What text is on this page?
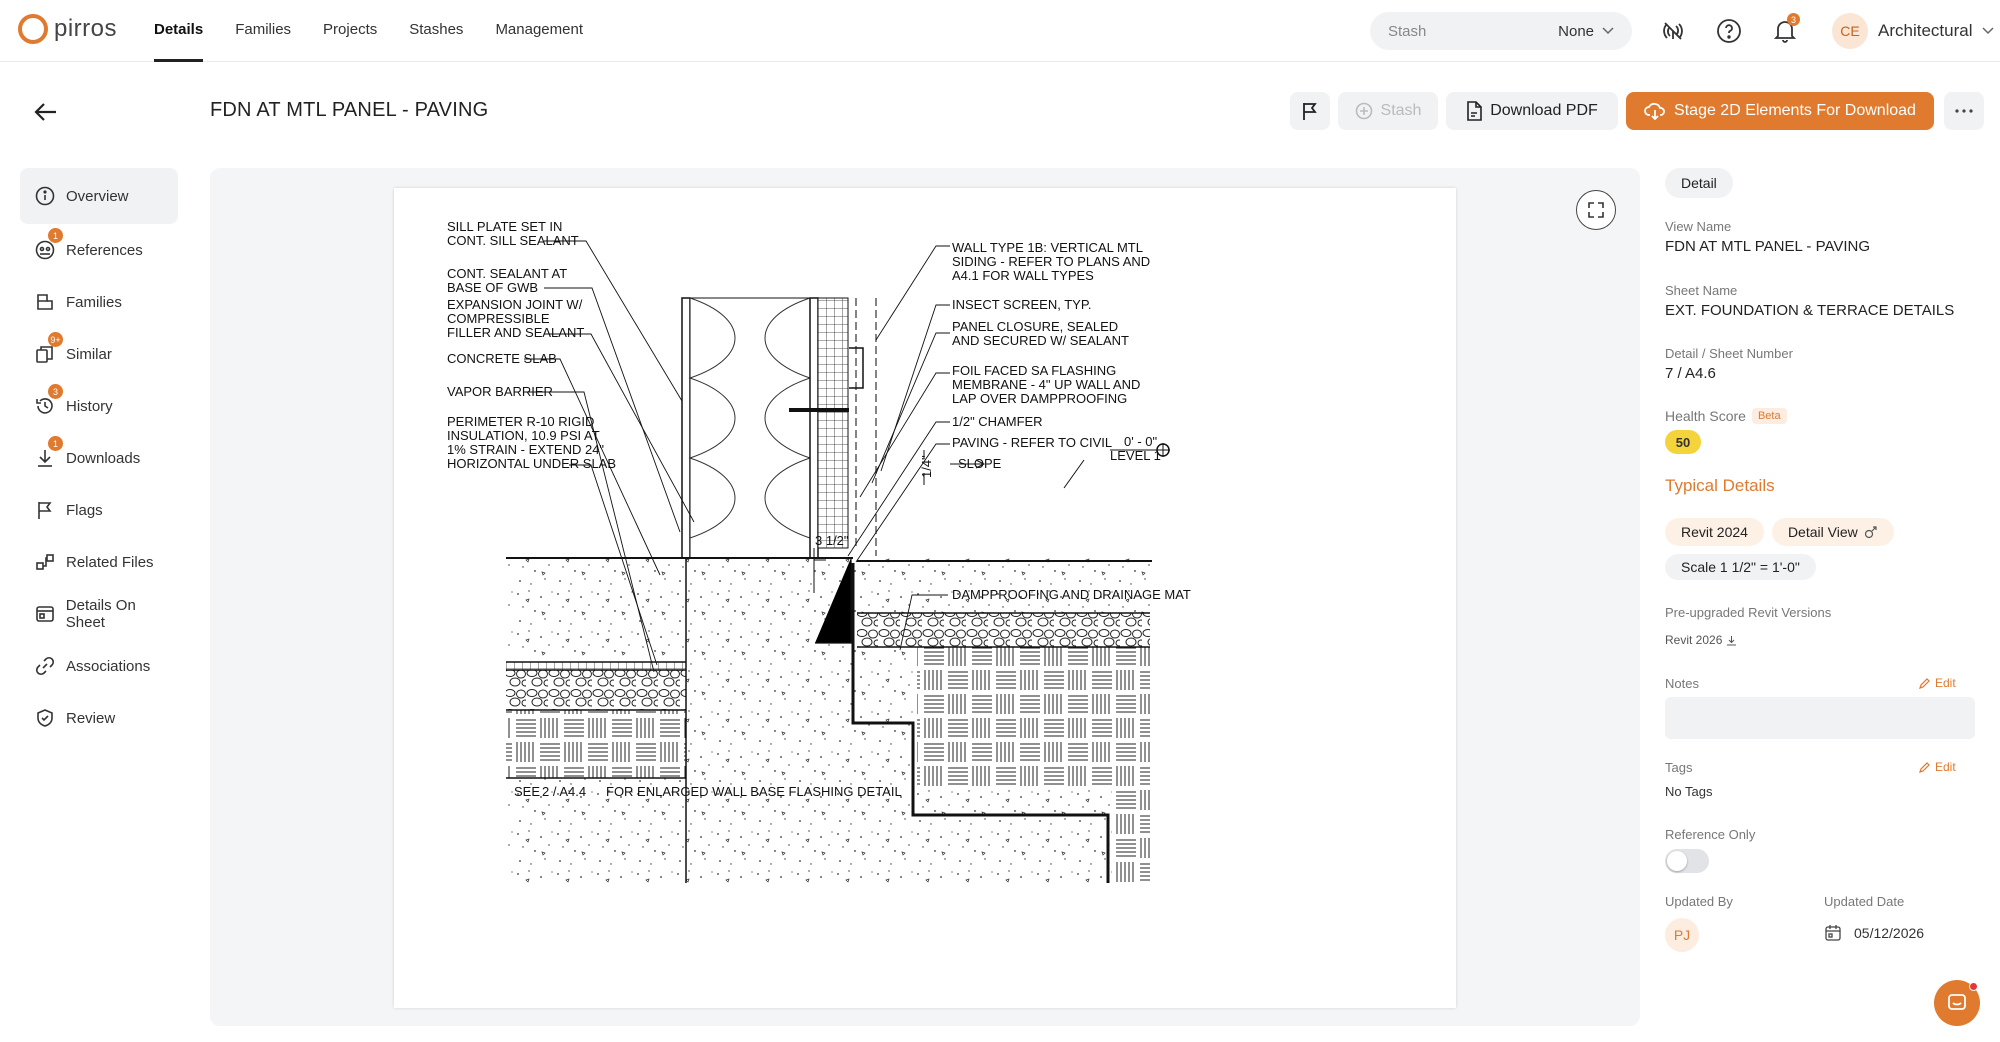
pirros Details Families Projects Stashes Management	Stash	None
3
CE	Architectural
FDN AT MTL PANEL - PAVING	Stash	Download PDF	Stage 2D Elements For Download
Overview
1
References
Families
9+
Similar
3
History
1
Downloads
Flags
Related Files
Details On Sheet
Associations
Review
SILL PLATE SET IN
CONT. SILL SEALANT
CONT. SEALANT AT
BASE OF GWB
EXPANSION JOINT W/
COMPRESSIBLE
FILLER AND SEALANT
CONCRETE SLAB
VAPOR BARRIER
PERIMETER R-10 RIGID
INSULATION, 10.9 PSI AT
1% STRAIN - EXTEND 24"
HORIZONTAL UNDER SLAB
WALL TYPE 1B: VERTICAL MTL
SIDING - REFER TO PLANS AND
A4.1 FOR WALL TYPES
INSECT SCREEN, TYP.
PANEL CLOSURE, SEALED
AND SECURED W/ SEALANT
FOIL FACED SA FLASHING
MEMBRANE - 4" UP WALL AND
LAP OVER DAMPPROOFING
1/2" CHAMFER
PAVING - REFER TO CIVIL
SLOPE
0' - 0"
LEVEL 1
1/4"
3 1/2"
DAMPPROOFING AND DRAINAGE MAT
SEE 2 / A4.4 FOR ENLARGED WALL BASE FLASHING DETAIL
Detail
View Name
FDN AT MTL PANEL - PAVING
Sheet Name
EXT. FOUNDATION & TERRACE DETAILS
Detail / Sheet Number
7 / A4.6
Health Score	Beta
50
Typical Details
Revit 2024	Detail View
Scale 1 1/2" = 1'-0"
Pre-upgraded Revit Versions
Revit 2026
Notes	Edit
Tags	Edit
No Tags
Reference Only
Updated By
PJ
Updated Date
05/12/2026
